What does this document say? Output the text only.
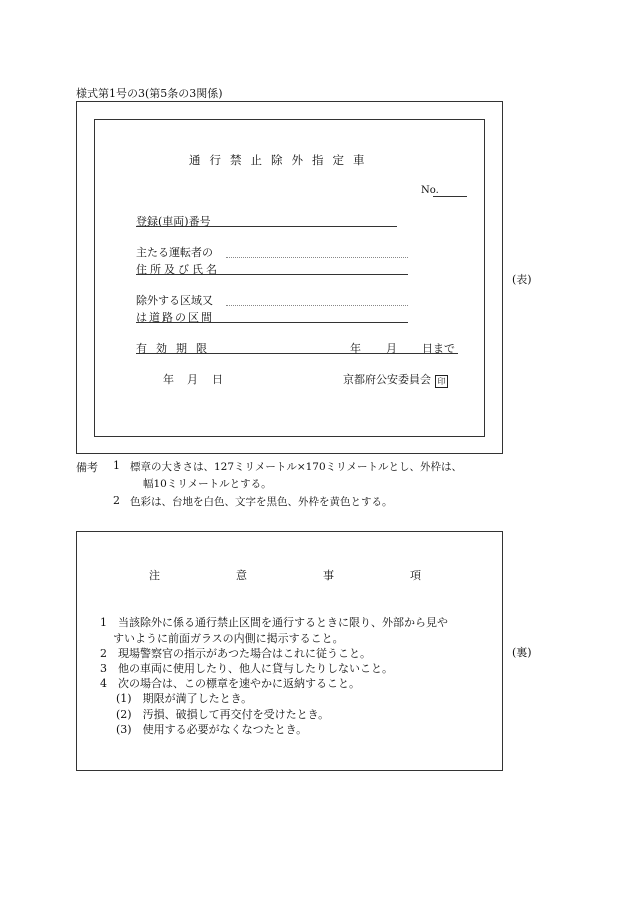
様式第1号の3(第5条の3関係)
通行禁止除外指定車
No.
登録(車両)番号
主たる運転者の
住所及び氏名
除外する区域又
は道路の区間
有効期限	年 月 日まで
年 月 日	京都府公安委員会 印
(表)
備考 1 標章の大きさは、127ミリメートル×170ミリメートルとし、外枠は、
幅10ミリメートルとする。
2 色彩は、台地を白色、文字を黒色、外枠を黄色とする。
注	意	事	項
1　当該除外に係る通行禁止区間を通行するときに限り、外部から見や
すいように前面ガラスの内側に掲示すること。
2　現場警察官の指示があつた場合はこれに従うこと。
3　他の車両に使用したり、他人に貸与したりしないこと。
4　次の場合は、この標章を速やかに返納すること。
(1)　期限が満了したとき。
(2)　汚損、破損して再交付を受けたとき。
(3)　使用する必要がなくなつたとき。
(裏)
